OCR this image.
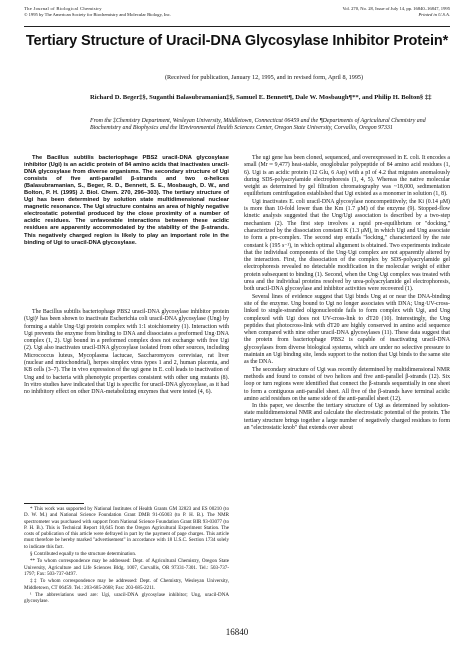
The Journal of Biological Chemistry
© 1995 by The American Society for Biochemistry and Molecular Biology, Inc.
Vol. 270, No. 28, Issue of July 14, pp. 16840–16847, 1995
Printed in U.S.A.
Tertiary Structure of Uracil-DNA Glycosylase Inhibitor Protein*
(Received for publication, January 12, 1995, and in revised form, April 8, 1995)
Richard D. Beger‡§, Suganthi Balasubramanian‡§, Samuel E. Bennett¶, Dale W. Mosbaugh¶**, and Philip H. Bolton§ ‡‡
From the ‡Chemistry Department, Wesleyan University, Middletown, Connecticut 06459 and the ¶Departments of Agricultural Chemistry and Biochemistry and Biophysics and the ‖Environmental Health Sciences Center, Oregon State University, Corvallis, Oregon 97331
The Bacillus subtilis bacteriophage PBS2 uracil-DNA glycosylase inhibitor (Ugi) is an acidic protein of 84 amino acids that inactivates uracil-DNA glycosylase from diverse organisms. The secondary structure of Ugi consists of five anti-parallel β-strands and two α-helices (Balasubramanian, S., Beger, R. D., Bennett, S. E., Mosbaugh, D. W., and Bolton, P. H. (1995) J. Biol. Chem. 270, 296–303). The tertiary structure of Ugi has been determined by solution state multidimensional nuclear magnetic resonance. The Ugi structure contains an area of highly negative electrostatic potential produced by the close proximity of a number of acidic residues. The unfavorable interactions between these acidic residues are apparently accommodated by the stability of the β-strands. This negatively charged region is likely to play an important role in the binding of Ugi to uracil-DNA glycosylase.
The Bacillus subtilis bacteriophage PBS2 uracil-DNA glycosylase inhibitor protein (Ugi)¹ has been shown to inactivate Escherichia coli uracil-DNA glycosylase (Ung) by forming a stable Ung·Ugi protein complex with 1:1 stoichiometry (1). Interaction with Ugi prevents the enzyme from binding to DNA and dissociates a preformed Ung·DNA complex (1, 2). Ugi bound in a preformed complex does not exchange with free Ugi (2). Ugi also inactivates uracil-DNA glycosylase isolated from other sources, including Micrococcus luteus, Mycoplasma lactucae, Saccharomyces cerevisiae, rat liver (nuclear and mitochondrial), herpes simplex virus types 1 and 2, human placenta, and KB cells (3–7). The in vivo expression of the ugi gene in E. coli leads to inactivation of Ung and to bacteria with phenotypic properties consistent with other ung mutants (8). In vitro studies have indicated that Ugi is specific for uracil-DNA glycosylase, as it had no inhibitory effect on other DNA-metabolizing enzymes that were tested (4, 6).

* This work was supported by National Institutes of Health Grants GM 32823 and ES 00210 (to D. W. M.) and National Science Foundation Grant DMB 91-05003 (to P. H. B.). The NMR spectrometer was purchased with support from National Science Foundation Grant BIR 93-03077 (to P. H. B.). This is Technical Report 10,645 from the Oregon Agricultural Experiment Station. The costs of publication of this article were defrayed in part by the payment of page charges. This article must therefore be hereby marked "advertisement" in accordance with 18 U.S.C. Section 1734 solely to indicate this fact.

§ Contributed equally to the structure determination.

** To whom correspondence may be addressed: Dept. of Agricultural Chemistry, Oregon State University, Agriculture and Life Sciences Bldg. 1007, Corvallis, OR 97331-7301. Tel.: 503-737-1797; Fax: 503-737-0497.

‡‡ To whom correspondence may be addressed: Dept. of Chemistry, Wesleyan University, Middletown, CT 06459. Tel.: 203-685-2668; Fax: 203-685-2211.

¹ The abbreviations used are: Ugi, uracil-DNA glycosylase inhibitor; Ung, uracil-DNA glycosylase.

The ugi gene has been cloned, sequenced, and overexpressed in E. coli. It encodes a small (Mr ≈ 9,477) heat-stable, onoglobular polypeptide of 84 amino acid residues (1, 6). Ugi is an acidic protein (12 Glu, 6 Asp) with a pI of 4.2 that migrates anomalously during SDS-polyacrylamide electrophoresis (1, 4, 5). Whereas the native molecular weight as determined by gel filtration chromatography was ~18,000, sedimentation equilibrium centrifugation established that Ugi existed as a monomer in solution (1, 8).

Ugi inactivates E. coli uracil-DNA glycosylase noncompetitively; the Ki (0.14 μM) is more than 10-fold lower than the Km (1.7 μM) of the enzyme (9). Stopped-flow kinetic analysis suggested that the Ung/Ugi association is described by a two-step mechanism (2). The first step involves a rapid pre-equilibrium or "docking," characterized by the dissociation constant K (1.3 μM), in which Ugi and Ung associate to form a pre-complex. The second step entails "locking," characterized by the rate constant k (195 s⁻¹), in which optimal alignment is obtained. Two experiments indicate that the individual components of the Ung·Ugi complex are not apparently altered by the interaction. First, the dissociation of the complex by SDS-polyacrylamide gel electrophoresis revealed no detectable modification in the molecular weight of either protein subsequent to binding (1). Second, when the Ung·Ugi complex was treated with urea and the individual proteins resolved by urea-polyacrylamide gel electrophoresis, both uracil-DNA glycosylase and inhibitor activities were recovered (1).

Several lines of evidence suggest that Ugi binds Ung at or near the DNA-binding site of the enzyme. Ung bound to Ugi no longer associates with DNA; Ung·UV-cross-linked to single-stranded oligonucleotide fails to form complex with Ugi, and Ung complexed with Ugi does not UV-cross-link to dT20 (10). Interestingly, the Ung peptides that photocross-link with dT20 are highly conserved in amino acid sequence when compared with nine other uracil-DNA glycosylases (11). These data suggest that the protein from bacteriophage PBS2 is capable of inactivating uracil-DNA glycosylases from diverse biological systems, which are under no selective pressure to maintain an Ugi binding site, lends support to the notion that Ugi binds to the same site as the DNA.

The secondary structure of Ugi was recently determined by multidimensional NMR methods and found to consist of two helices and five anti-parallel β-strands (12). Six loop or turn regions were identified that connect the β-strands sequentially in one sheet to form a contiguous anti-parallel sheet. All five of the β-strands have terminal acidic amino acid residues on the same side of the anti-parallel sheet (12).

In this paper, we describe the tertiary structure of Ugi as determined by solution-state multidimensional NMR and calculate the electrostatic potential of the protein. The tertiary structure brings together a large number of negatively charged residues to form an "electrostatic knob" that extends over about

16840
